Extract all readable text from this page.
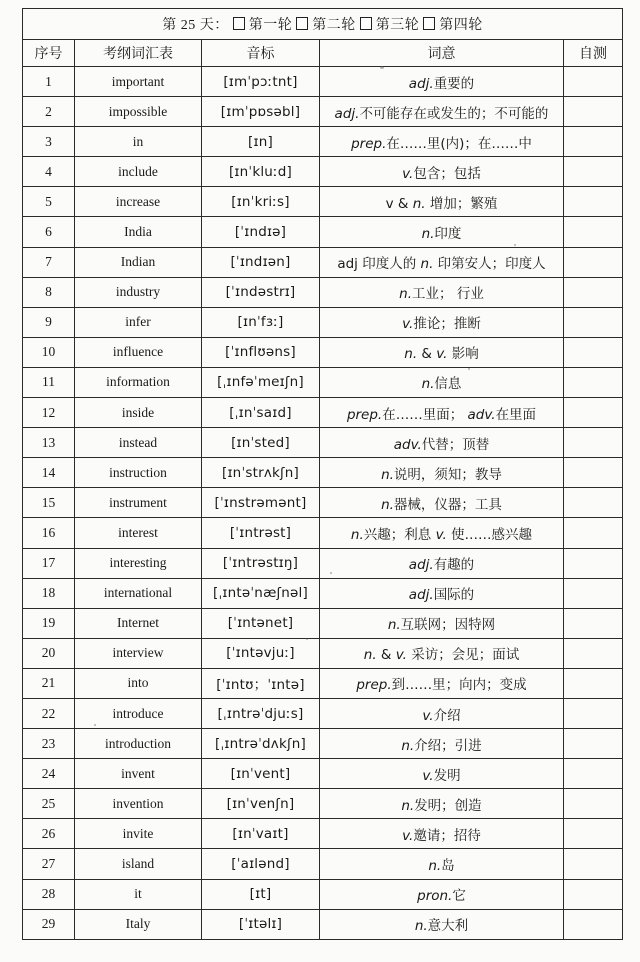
第 25 天： 第一轮 第二轮 第三轮 第四轮				
序号	考纲词汇表	音标	词意	自测
1	important	[ɪmˈpɔːtnt]	adj.重要的	
2	impossible	[ɪmˈpɒsəbl]	adj.不可能存在或发生的；不可能的	
3	in	[ɪn]	prep.在……里(内)；在……中	
4	include	[ɪnˈkluːd]	v.包含；包括	
5	increase	[ɪnˈkriːs]	v & n. 增加；繁殖	
6	India	[ˈɪndɪə]	n.印度	
7	Indian	[ˈɪndɪən]	adj 印度人的 n. 印第安人；印度人	
8	industry	[ˈɪndəstrɪ]	n.工业； 行业	
9	infer	[ɪnˈfɜː]	v.推论；推断	
10	influence	[ˈɪnflʊəns]	n. & v. 影响	
11	information	[ˌɪnfəˈmeɪʃn]	n.信息	
12	inside	[ˌɪnˈsaɪd]	prep.在……里面； adv.在里面	
13	instead	[ɪnˈsted]	adv.代替；顶替	
14	instruction	[ɪnˈstrʌkʃn]	n.说明，须知；教导	
15	instrument	[ˈɪnstrəmənt]	n.器械，仪器；工具	
16	interest	[ˈɪntrəst]	n.兴趣；利息 v. 使……感兴趣	
17	interesting	[ˈɪntrəstɪŋ]	adj.有趣的	
18	international	[ˌɪntəˈnæʃnəl]	adj.国际的	
19	Internet	[ˈɪntənet]	n.互联网；因特网	
20	interview	[ˈɪntəvjuː]	n. & v. 采访；会见；面试	
21	into	[ˈɪntʊ；ˈɪntə]	prep.到……里；向内；变成	
22	introduce	[ˌɪntrəˈdjuːs]	v.介绍	
23	introduction	[ˌɪntrəˈdʌkʃn]	n.介绍；引进	
24	invent	[ɪnˈvent]	v.发明	
25	invention	[ɪnˈvenʃn]	n.发明；创造	
26	invite	[ɪnˈvaɪt]	v.邀请；招待	
27	island	[ˈaɪlənd]	n.岛	
28	it	[ɪt]	pron.它	
29	Italy	[ˈɪtəlɪ]	n.意大利	
